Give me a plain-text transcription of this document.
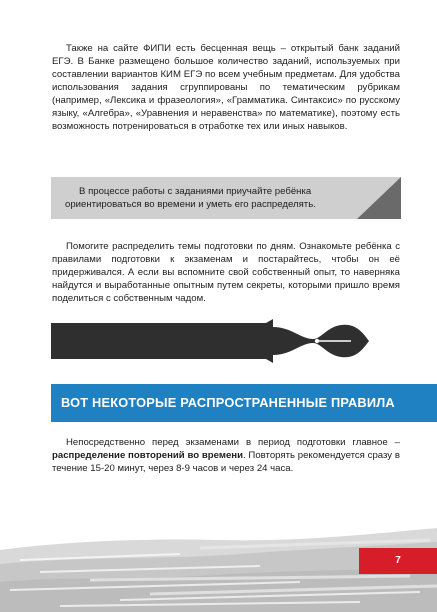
Также на сайте ФИПИ есть бесценная вещь – открытый банк заданий ЕГЭ. В Банке размещено большое количество заданий, используемых при составлении вариантов КИМ ЕГЭ по всем учебным предметам. Для удобства использования задания сгруппированы по тематическим рубрикам (например, «Лексика и фразеология», «Грамматика. Синтаксис» по русскому языку, «Алгебра», «Уравнения и неравенства» по математике), поэтому есть возможность потренироваться в отработке тех или иных навыков.

В процессе работы с заданиями приучайте ребёнка ориентироваться во времени и уметь его распределять.

Помогите распределить темы подготовки по дням. Ознакомьте ребёнка с правилами подготовки к экзаменам и постарайтесь, чтобы он её придерживался. А если вы вспомните свой собственный опыт, то наверняка найдутся и выработанные опытным путем секреты, которыми пришло время поделиться с собственным чадом.

ВОТ НЕКОТОРЫЕ РАСПРОСТРАНЕННЫЕ ПРАВИЛА

Непосредственно перед экзаменами в период подготовки главное – распределение повторений во времени. Повторять рекомендуется сразу в течение 15-20 минут, через 8-9 часов и через 24 часа.

7
